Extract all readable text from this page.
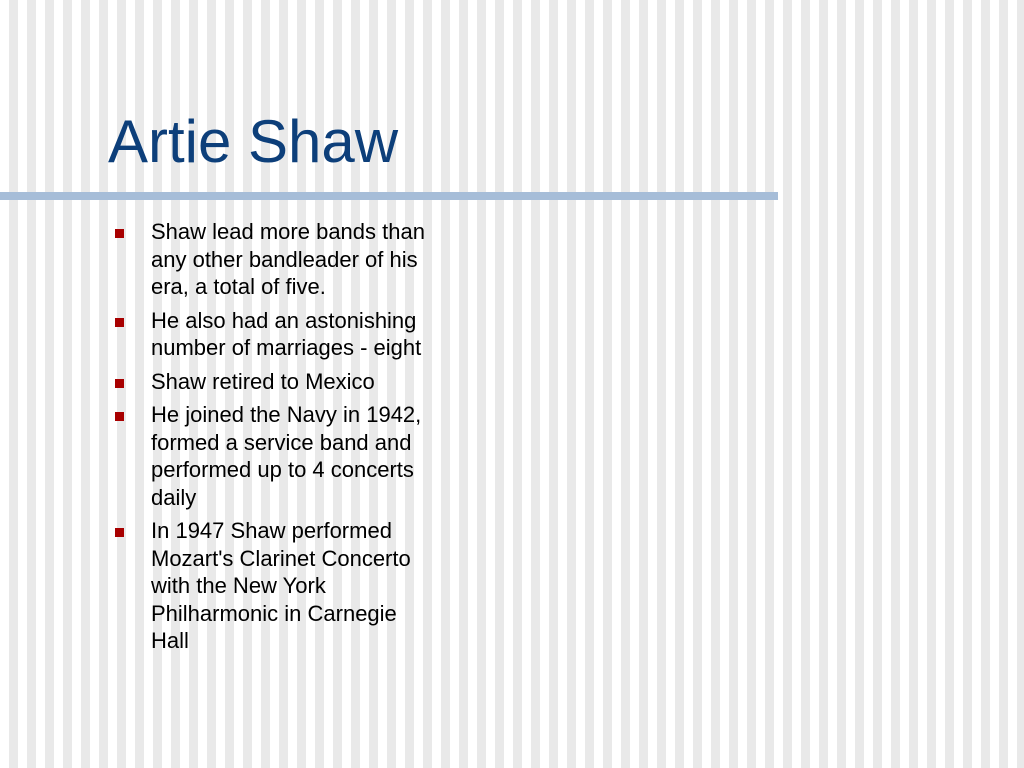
Artie Shaw
Shaw lead more bands than any other bandleader of his era, a total of five.
He also had an astonishing number of marriages - eight
Shaw retired to Mexico
He joined the Navy in 1942, formed a service band and performed up to 4 concerts daily
In 1947 Shaw performed Mozart's Clarinet Concerto with the New York Philharmonic in Carnegie Hall
